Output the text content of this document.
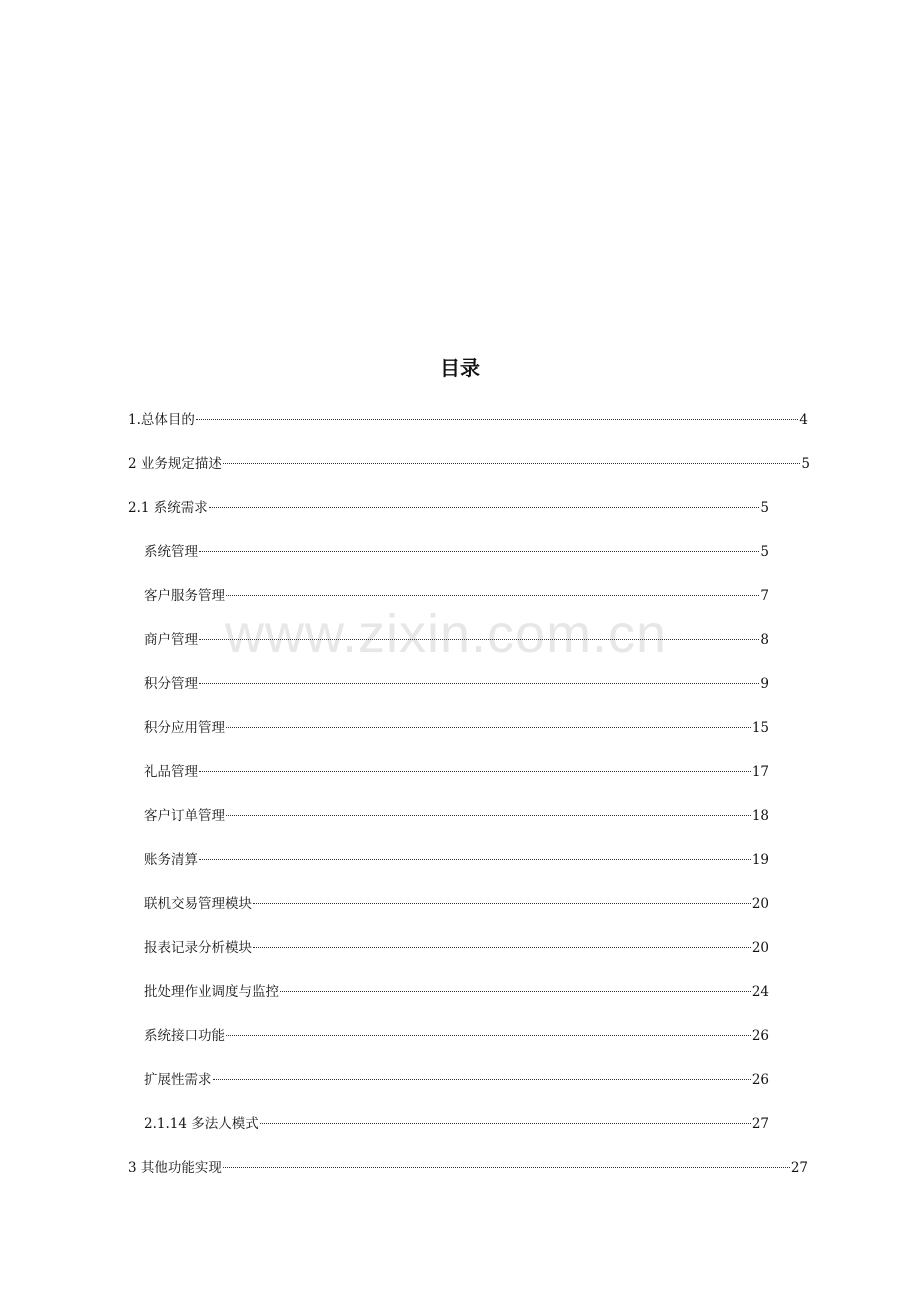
目录
www.zixin.com.cn
1.总体目的	4
2 业务规定描述	5
2.1 系统需求	5
系统管理	5
客户服务管理	7
商户管理	8
积分管理	9
积分应用管理	15
礼品管理	17
客户订单管理	18
账务清算	19
联机交易管理模块	20
报表记录分析模块	20
批处理作业调度与监控	24
系统接口功能	26
扩展性需求	26
2.1.14 多法人模式	27
3 其他功能实现	27
